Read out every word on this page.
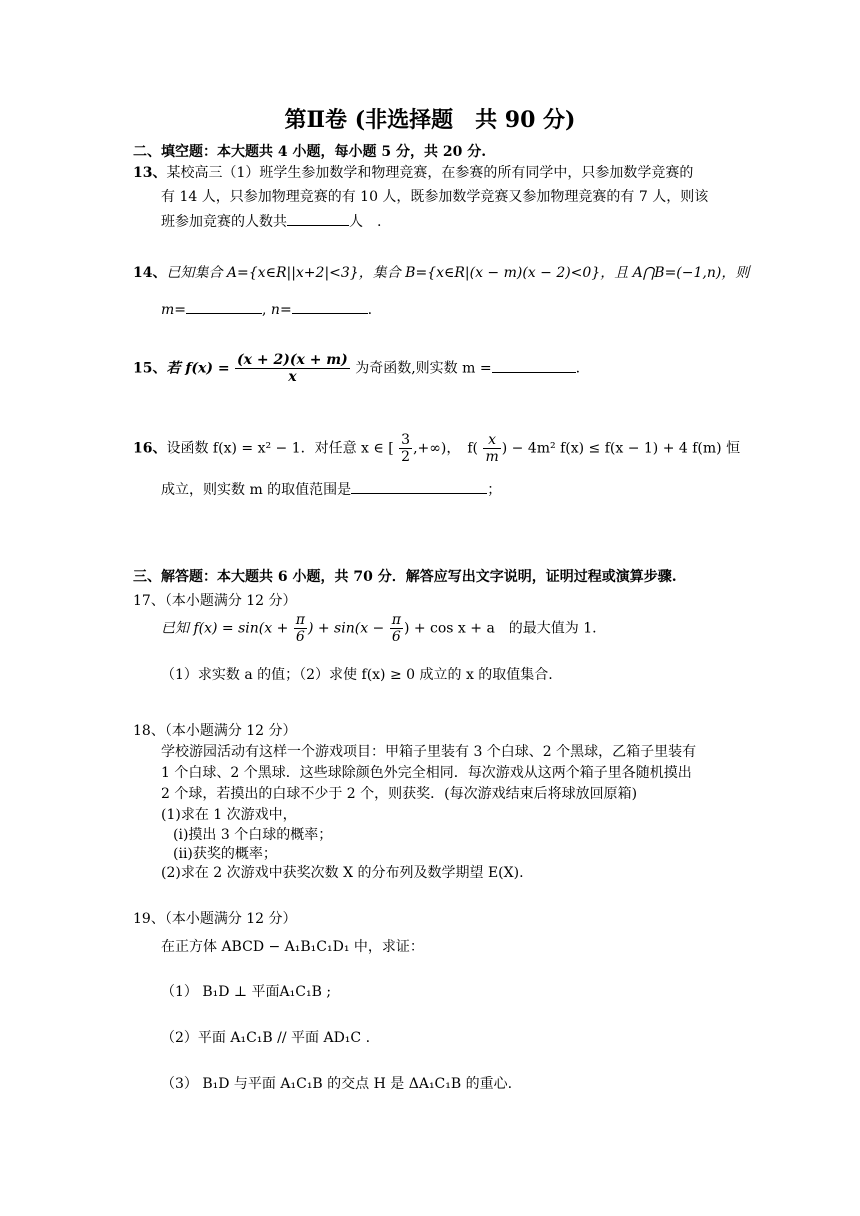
第Ⅱ卷 (非选择题　共 90 分)
二、填空题：本大题共 4 小题，每小题 5 分，共 20 分.
13、某校高三（1）班学生参加数学和物理竞赛，在参赛的所有同学中，只参加数学竞赛的
有 14 人，只参加物理竞赛的有 10 人，既参加数学竞赛又参加物理竞赛的有 7 人，则该
班参加竞赛的人数共	人　.
14、已知集合 A={x∈R||x+2|<3}，集合 B={x∈R|(x − m)(x − 2)<0}，且 A⋂B=(−1,n)，则
m=	, n=	.
15、若 $f(x) = \frac{(x + 2)(x + m)}{x}$ 为奇函数,则实数 m =	.
16、设函数 f(x) = x² − 1．对任意 x ∈ [ $\frac{3}{2}$ ,+∞)，　$f( \frac{x}{m}$ ) − 4m² f(x) ≤ f(x − 1) + 4 f(m) 恒
成立，则实数 m 的取值范围是	；
三、解答题：本大题共 6 小题，共 70 分．解答应写出文字说明，证明过程或演算步骤.
17、（本小题满分 12 分）
已知 $f(x) = \sin(x + \frac{\pi}{6}$ ) + $\sin(x - \frac{\pi}{6}$ ) + cos x + a　的最大值为 1.
（1）求实数 a 的值；（2）求使 f(x) ≥ 0 成立的 x 的取值集合.
18、（本小题满分 12 分）
学校游园活动有这样一个游戏项目：甲箱子里装有 3 个白球、2 个黑球，乙箱子里装有
1 个白球、2 个黑球．这些球除颜色外完全相同．每次游戏从这两个箱子里各随机摸出
2 个球，若摸出的白球不少于 2 个，则获奖．(每次游戏结束后将球放回原箱)
(1)求在 1 次游戏中，
(i)摸出 3 个白球的概率；
(ii)获奖的概率；
(2)求在 2 次游戏中获奖次数 X 的分布列及数学期望 E(X).
19、（本小题满分 12 分）
在正方体 ABCD − A₁B₁C₁D₁ 中，求证：
（1） B₁D ⊥ 平面A₁C₁B ;
（2）平面 A₁C₁B // 平面 AD₁C .
（3） B₁D 与平面 A₁C₁B 的交点 H 是 ΔA₁C₁B 的重心.
